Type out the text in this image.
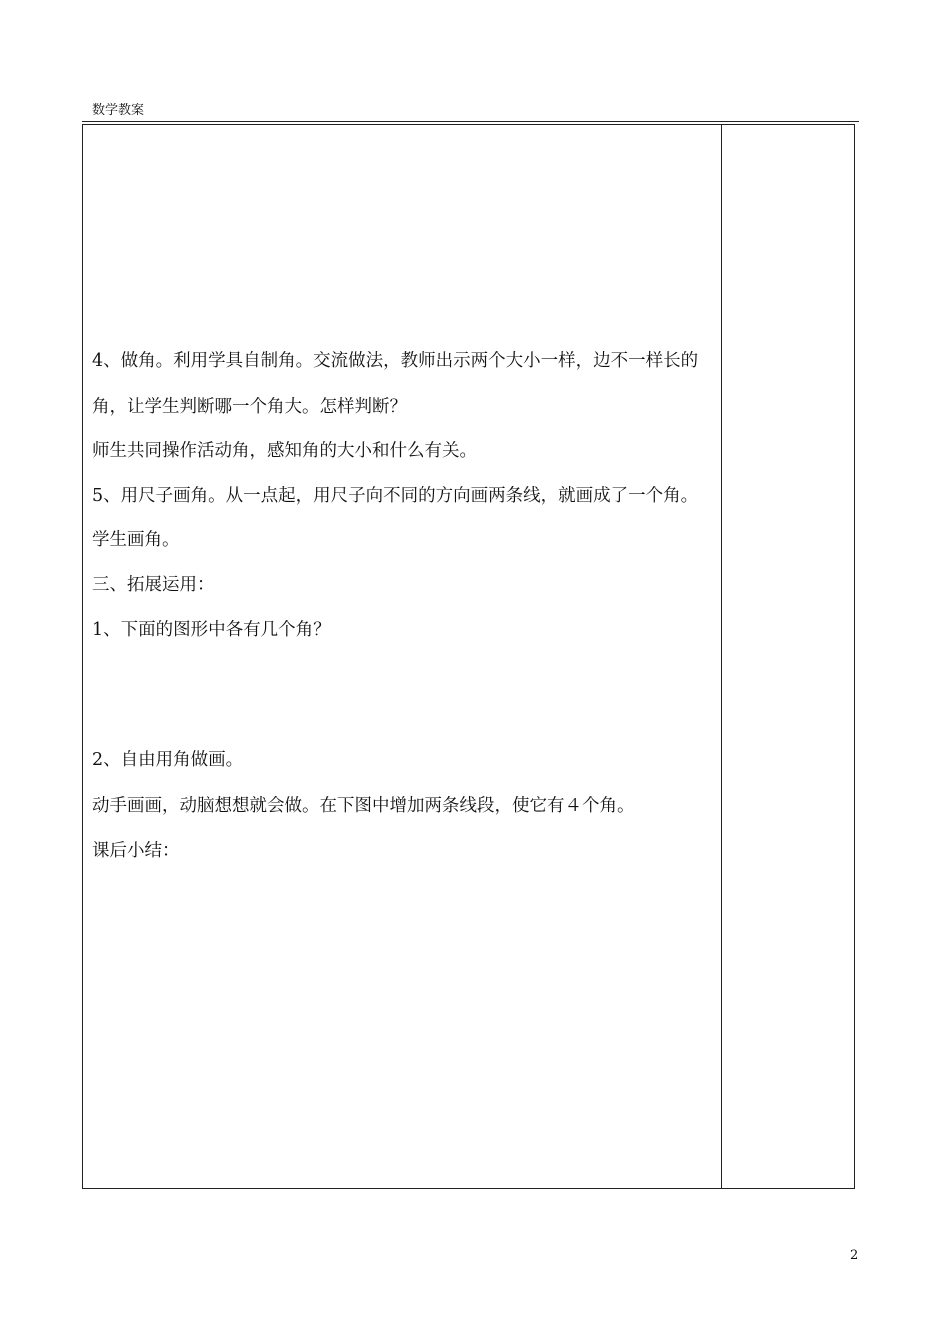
数学教案
4、做角。利用学具自制角。交流做法，教师出示两个大小一样，边不一样长的
角，让学生判断哪一个角大。怎样判断？
师生共同操作活动角，感知角的大小和什么有关。
5、用尺子画角。从一点起，用尺子向不同的方向画两条线，就画成了一个角。
学生画角。
三、拓展运用：
1、下面的图形中各有几个角？
2、自由用角做画。
动手画画，动脑想想就会做。在下图中增加两条线段，使它有４个角。
课后小结：
2
